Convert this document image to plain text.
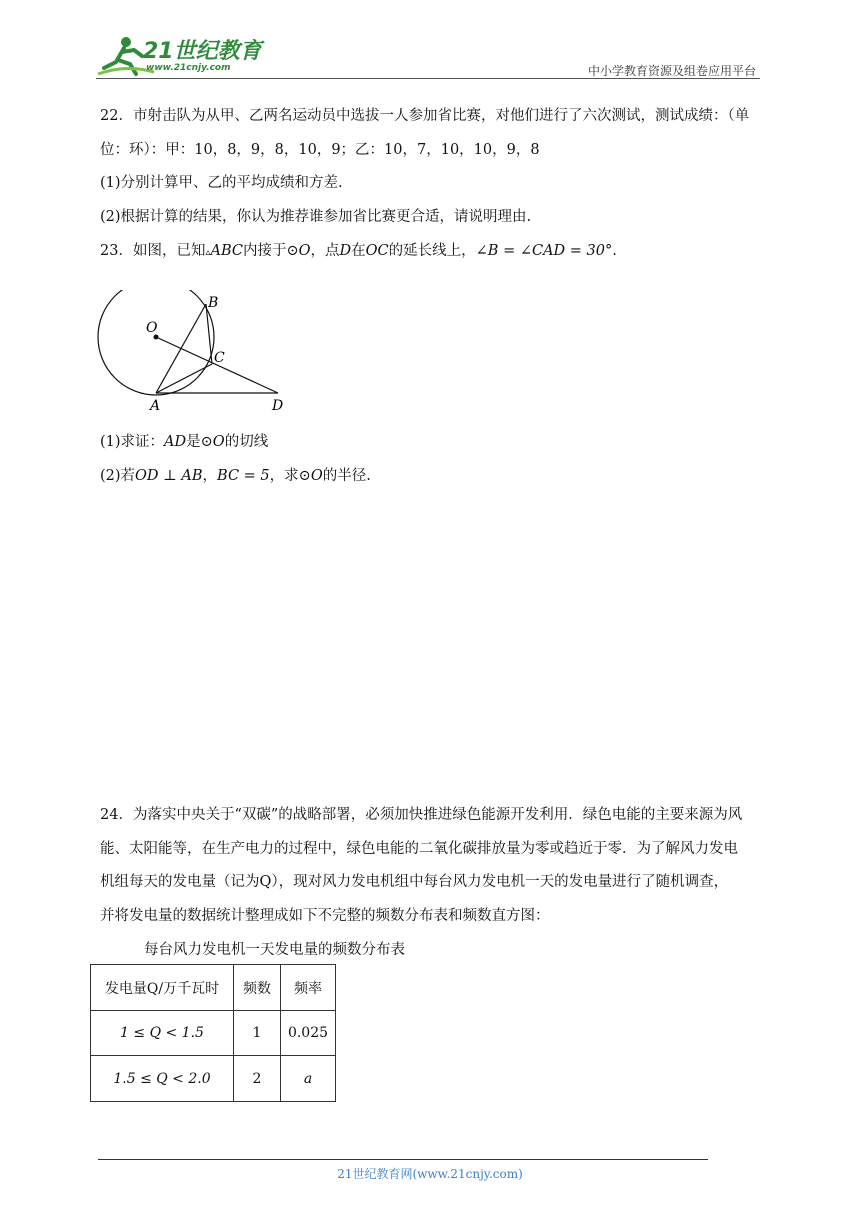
21世纪教育
www.21cnjy.com	中小学教育资源及组卷应用平台
22．市射击队为从甲、乙两名运动员中选拔一人参加省比赛，对他们进行了六次测试，测试成绩：（单
位：环）：甲：10，8，9，8，10，9；乙：10，7，10，10，9，8
(1)分别计算甲、乙的平均成绩和方差.
(2)根据计算的结果，你认为推荐谁参加省比赛更合适，请说明理由.
23．如图，已知▵ABC内接于⊙O，点D在OC的延长线上，∠B = ∠CAD = 30°.
O
B
C
A	D
(1)求证：AD是⊙O的切线
(2)若OD ⊥ AB，BC = 5，求⊙O的半径.
24．为落实中央关于“双碳”的战略部署，必须加快推进绿色能源开发利用．绿色电能的主要来源为风
能、太阳能等，在生产电力的过程中，绿色电能的二氧化碳排放量为零或趋近于零．为了解风力发电
机组每天的发电量（记为Q），现对风力发电机组中每台风力发电机一天的发电量进行了随机调查，
并将发电量的数据统计整理成如下不完整的频数分布表和频数直方图：
每台风力发电机一天发电量的频数分布表
发电量Q/万千瓦时	频数	频率
1 ≤ Q < 1.5	1	0.025
1.5 ≤ Q < 2.0	2	a
21世纪教育网(www.21cnjy.com)
